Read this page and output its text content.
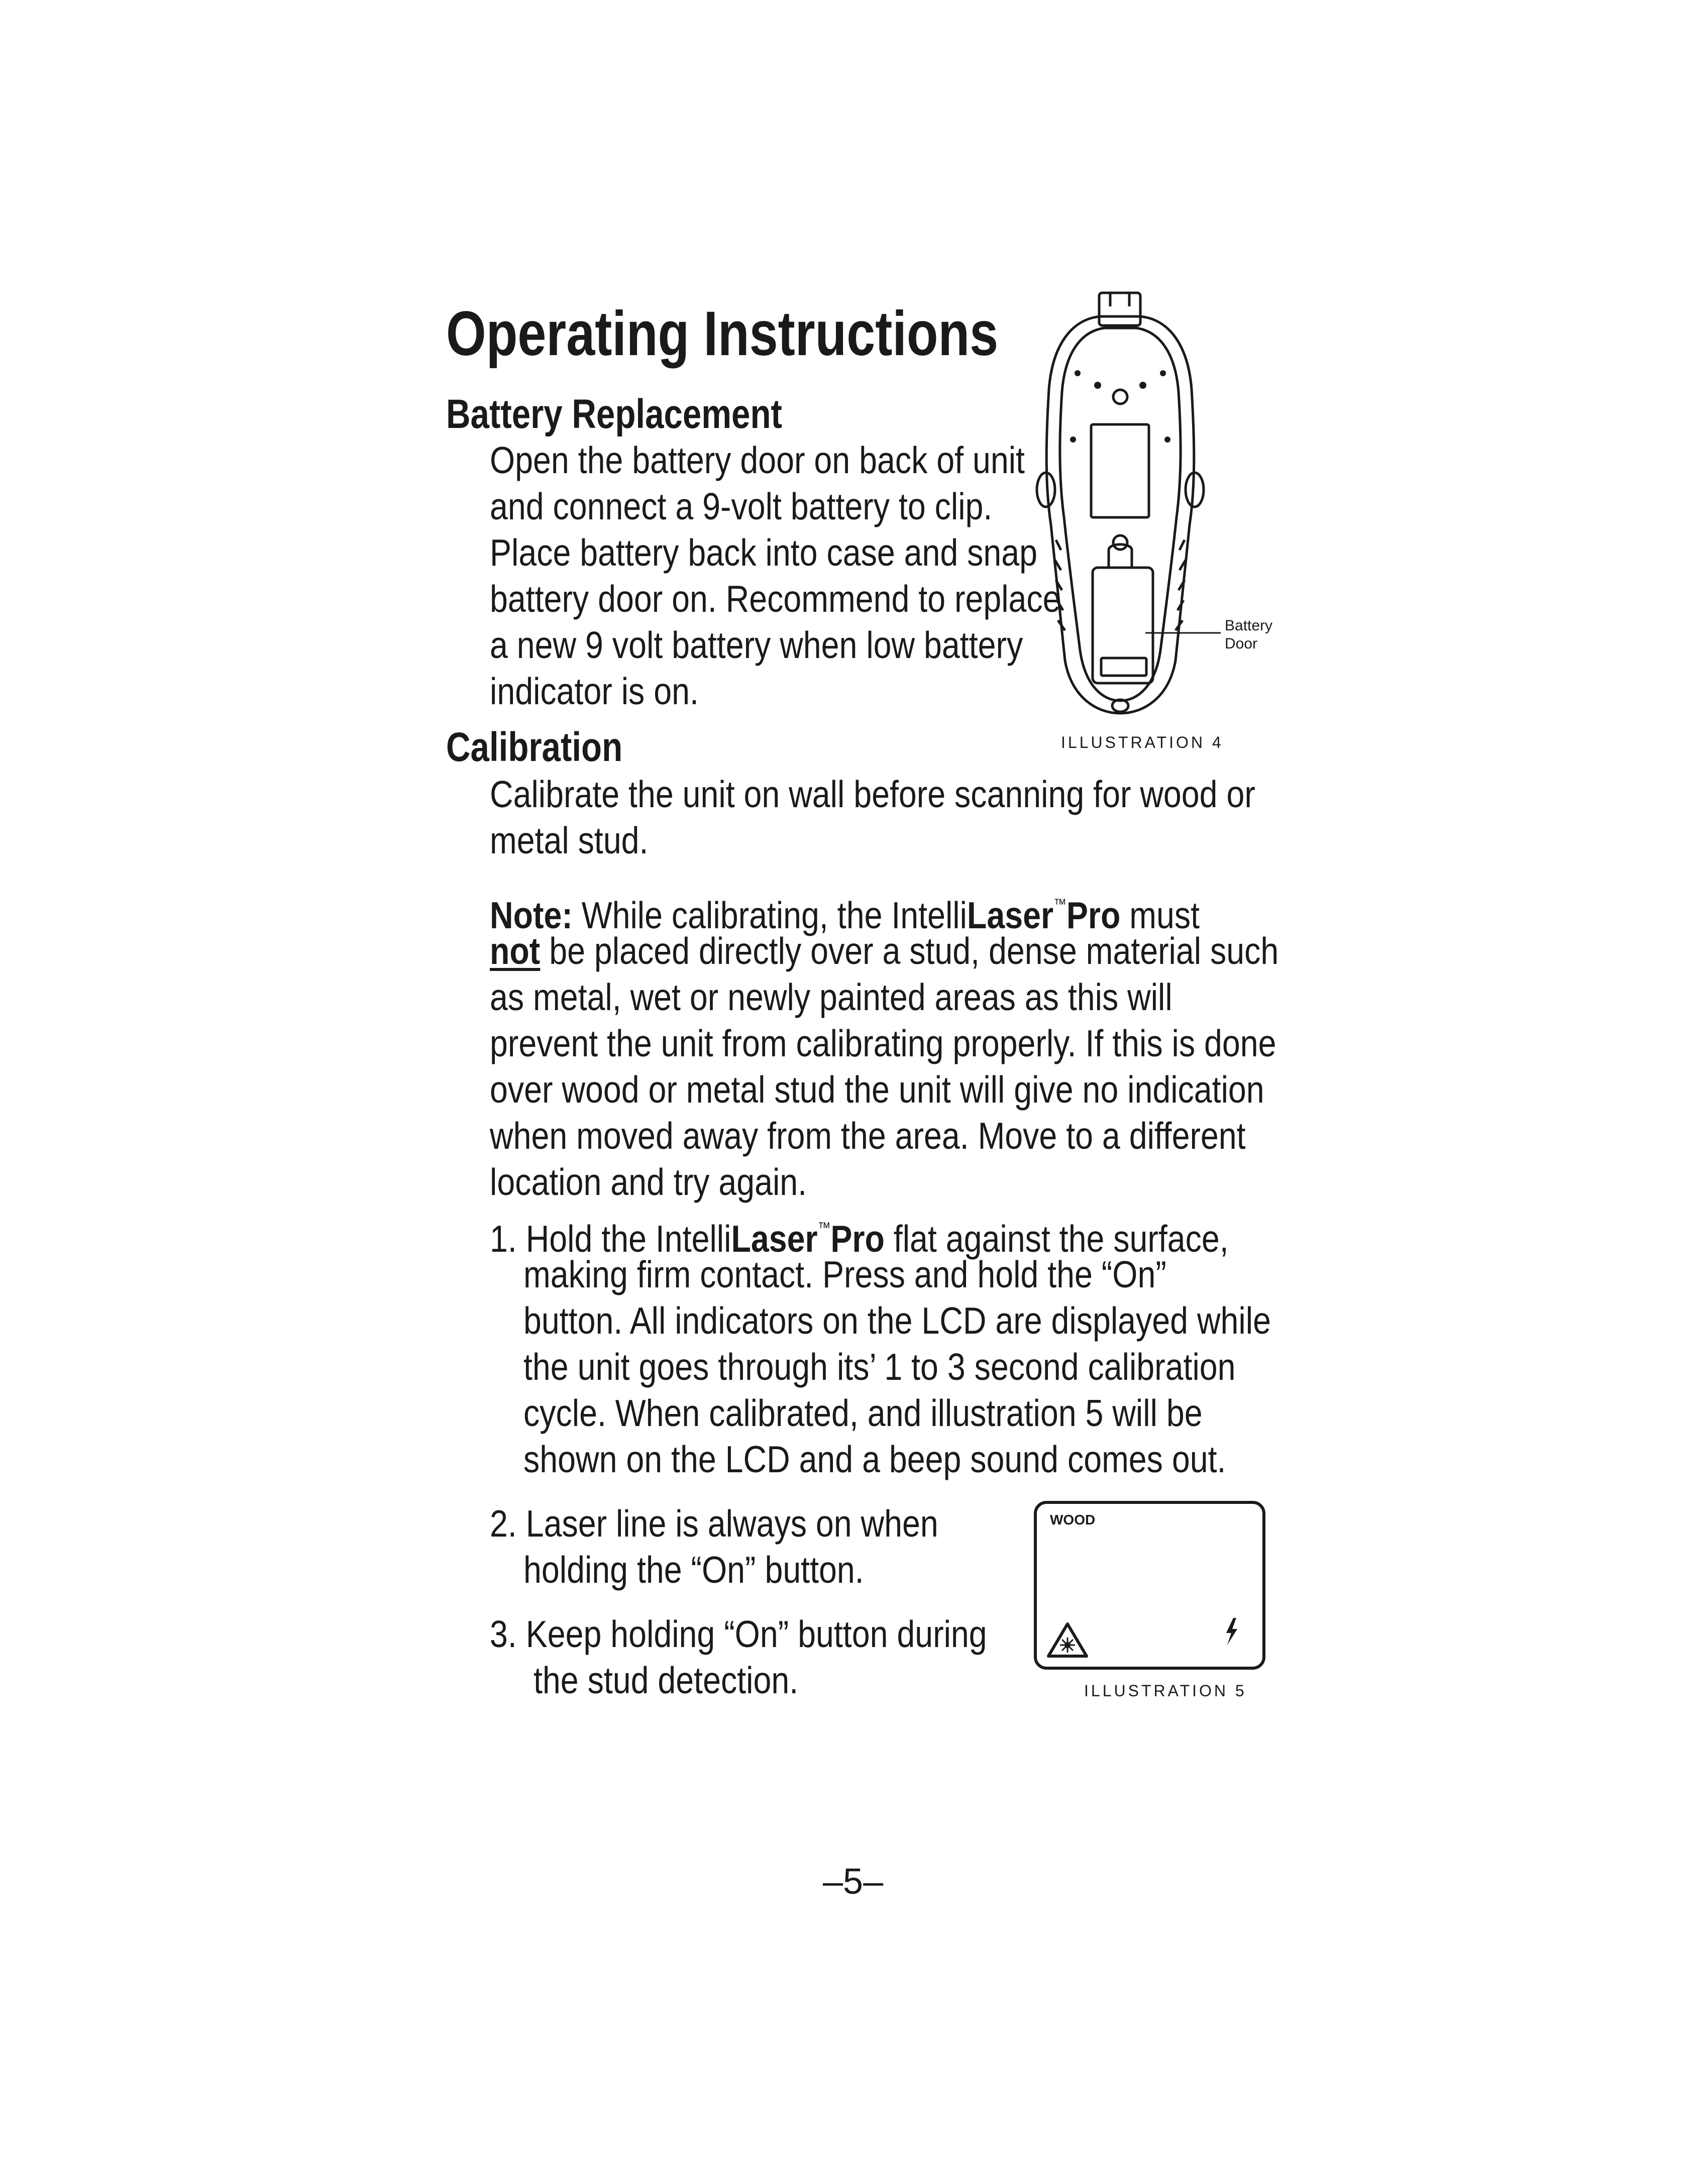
Operating Instructions
Battery Replacement
Open the battery door on back of unit
and connect a 9-volt battery to clip.
Place battery back into case and snap
battery door on. Recommend to replace
a new 9 volt battery when low battery
indicator is on.
Battery
Door
ILLUSTRATION 4
Calibration
Calibrate the unit on wall before scanning for wood or
metal stud.
Note: While calibrating, the IntelliLaser™Pro must
not be placed directly over a stud, dense material such
as metal, wet or newly painted areas as this will
prevent the unit from calibrating properly. If this is done
over wood or metal stud the unit will give no indication
when moved away from the area. Move to a different
location and try again.
1. Hold the IntelliLaser™Pro flat against the surface,
making firm contact. Press and hold the “On”
button. All indicators on the LCD are displayed while
the unit goes through its’ 1 to 3 second calibration
cycle. When calibrated, and illustration 5 will be
shown on the LCD and a beep sound comes out.
2. Laser line is always on when
holding the “On” button.
3. Keep holding “On” button during
the stud detection.
WOOD
ILLUSTRATION 5
–5–
